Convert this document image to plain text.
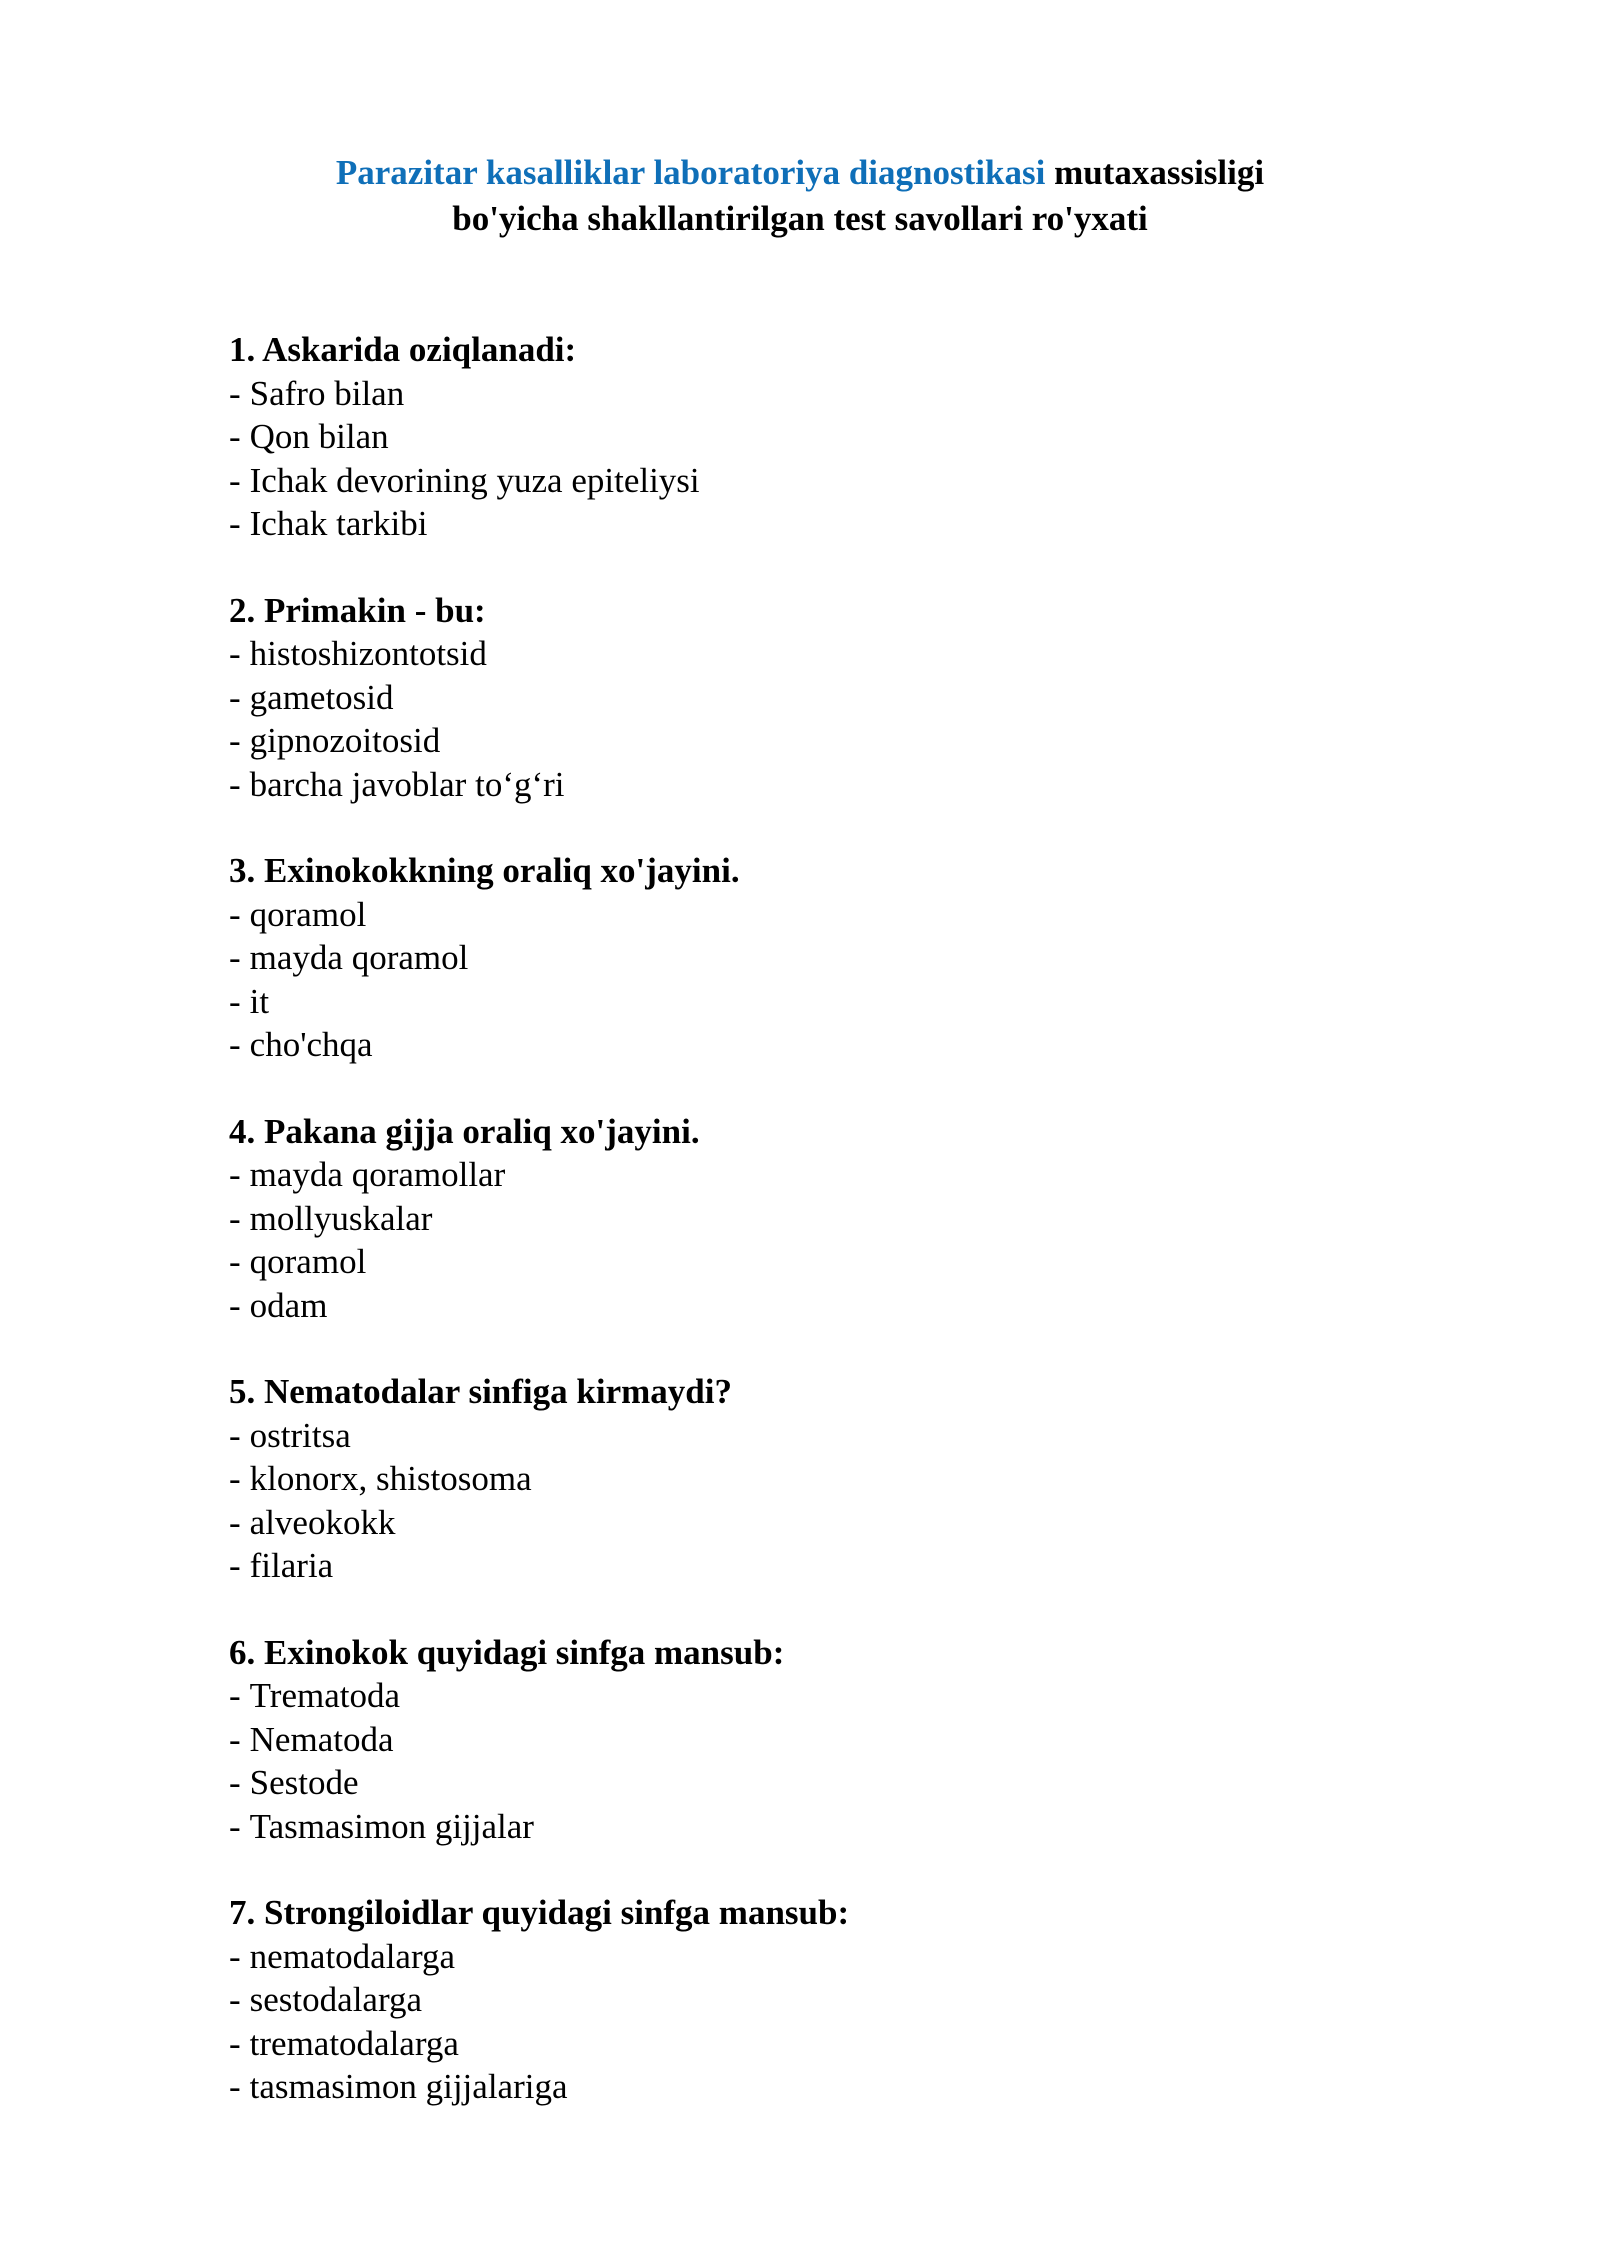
Parazitar kasalliklar laboratoriya diagnostikasi mutaxassisligi
bo'yicha shakllantirilgan test savollari ro'yxati

1. Askarida oziqlanadi:

- Safro bilan
- Qon bilan
- Ichak devorining yuza epiteliysi
- Ichak tarkibi

2. Primakin - bu:

- histoshizontotsid
- gametosid
- gipnozoitosid
- barcha javoblar to‘g‘ri

3. Exinokokkning oraliq xo'jayini.

- qoramol
- mayda qoramol
- it
- cho'chqa

4. Pakana gijja oraliq xo'jayini.

- mayda qoramollar
- mollyuskalar
- qoramol
- odam

5. Nematodalar sinfiga kirmaydi?

- ostritsa
- klonorx, shistosoma
- alveokokk
- filaria

6. Exinokok quyidagi sinfga mansub:

- Trematoda
- Nematoda
- Sestode
- Tasmasimon gijjalar

7. Strongiloidlar quyidagi sinfga mansub:

- nematodalarga
- sestodalarga
- trematodalarga
- tasmasimon gijjalariga
